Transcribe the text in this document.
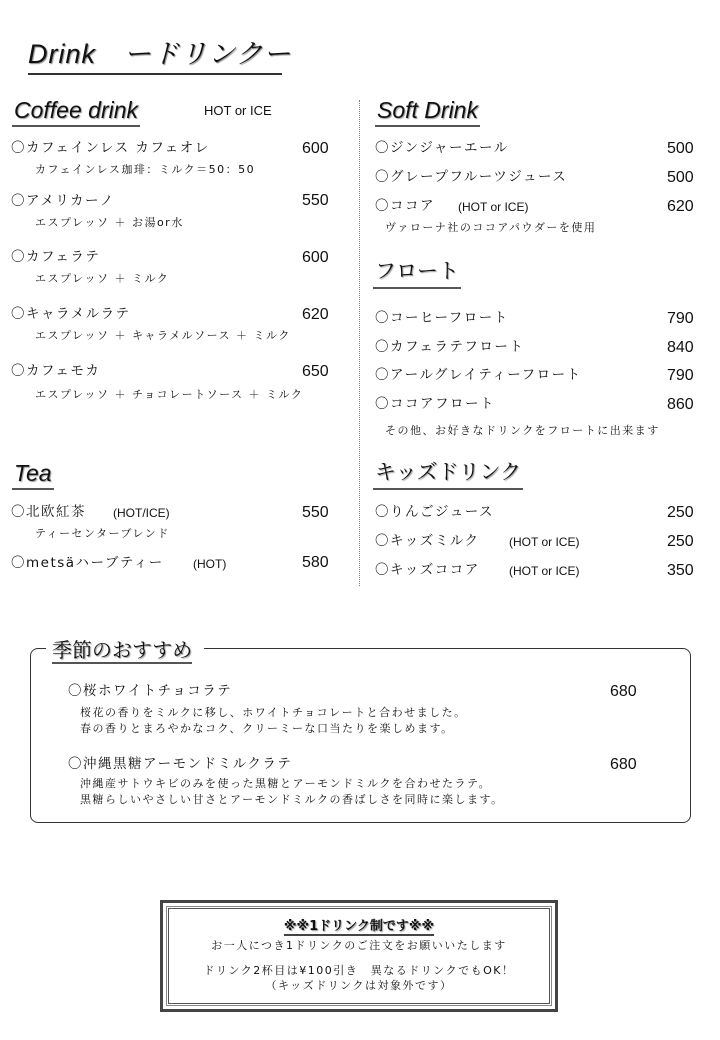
Drink　ードリンクー
Coffee drink	HOT or ICE
〇カフェインレス カフェオレ	600
カフェインレス珈琲：ミルク＝50：50
〇アメリカーノ	550
エスプレッソ ＋ お湯or水
〇カフェラテ	600
エスプレッソ ＋ ミルク
〇キャラメルラテ	620
エスプレッソ ＋ キャラメルソース ＋ ミルク
〇カフェモカ	650
エスプレッソ ＋ チョコレートソース ＋ ミルク
Tea
〇北欧紅茶 (HOT/ICE)	550
ティーセンターブレンド
〇metsäハーブティー (HOT)	580
Soft Drink
〇ジンジャーエール	500
〇グレープフルーツジュース	500
〇ココア (HOT or ICE)	620
ヴァローナ社のココアパウダーを使用
フロート
〇コーヒーフロート	790
〇カフェラテフロート	840
〇アールグレイティーフロート	790
〇ココアフロート	860
その他、お好きなドリンクをフロートに出来ます
キッズドリンク
〇りんごジュース	250
〇キッズミルク (HOT or ICE)	250
〇キッズココア (HOT or ICE)	350
季節のおすすめ
〇桜ホワイトチョコラテ	680
桜花の香りをミルクに移し、ホワイトチョコレートと合わせました。
春の香りとまろやかなコク、クリーミーな口当たりを楽しめます。
〇沖縄黒糖アーモンドミルクラテ	680
沖縄産サトウキビのみを使った黒糖とアーモンドミルクを合わせたラテ。
黒糖らしいやさしい甘さとアーモンドミルクの香ばしさを同時に楽します。
※※1ドリンク制です※※
お一人につき1ドリンクのご注文をお願いいたします
ドリンク2杯目は¥100引き　異なるドリンクでもOK！
（キッズドリンクは対象外です）
